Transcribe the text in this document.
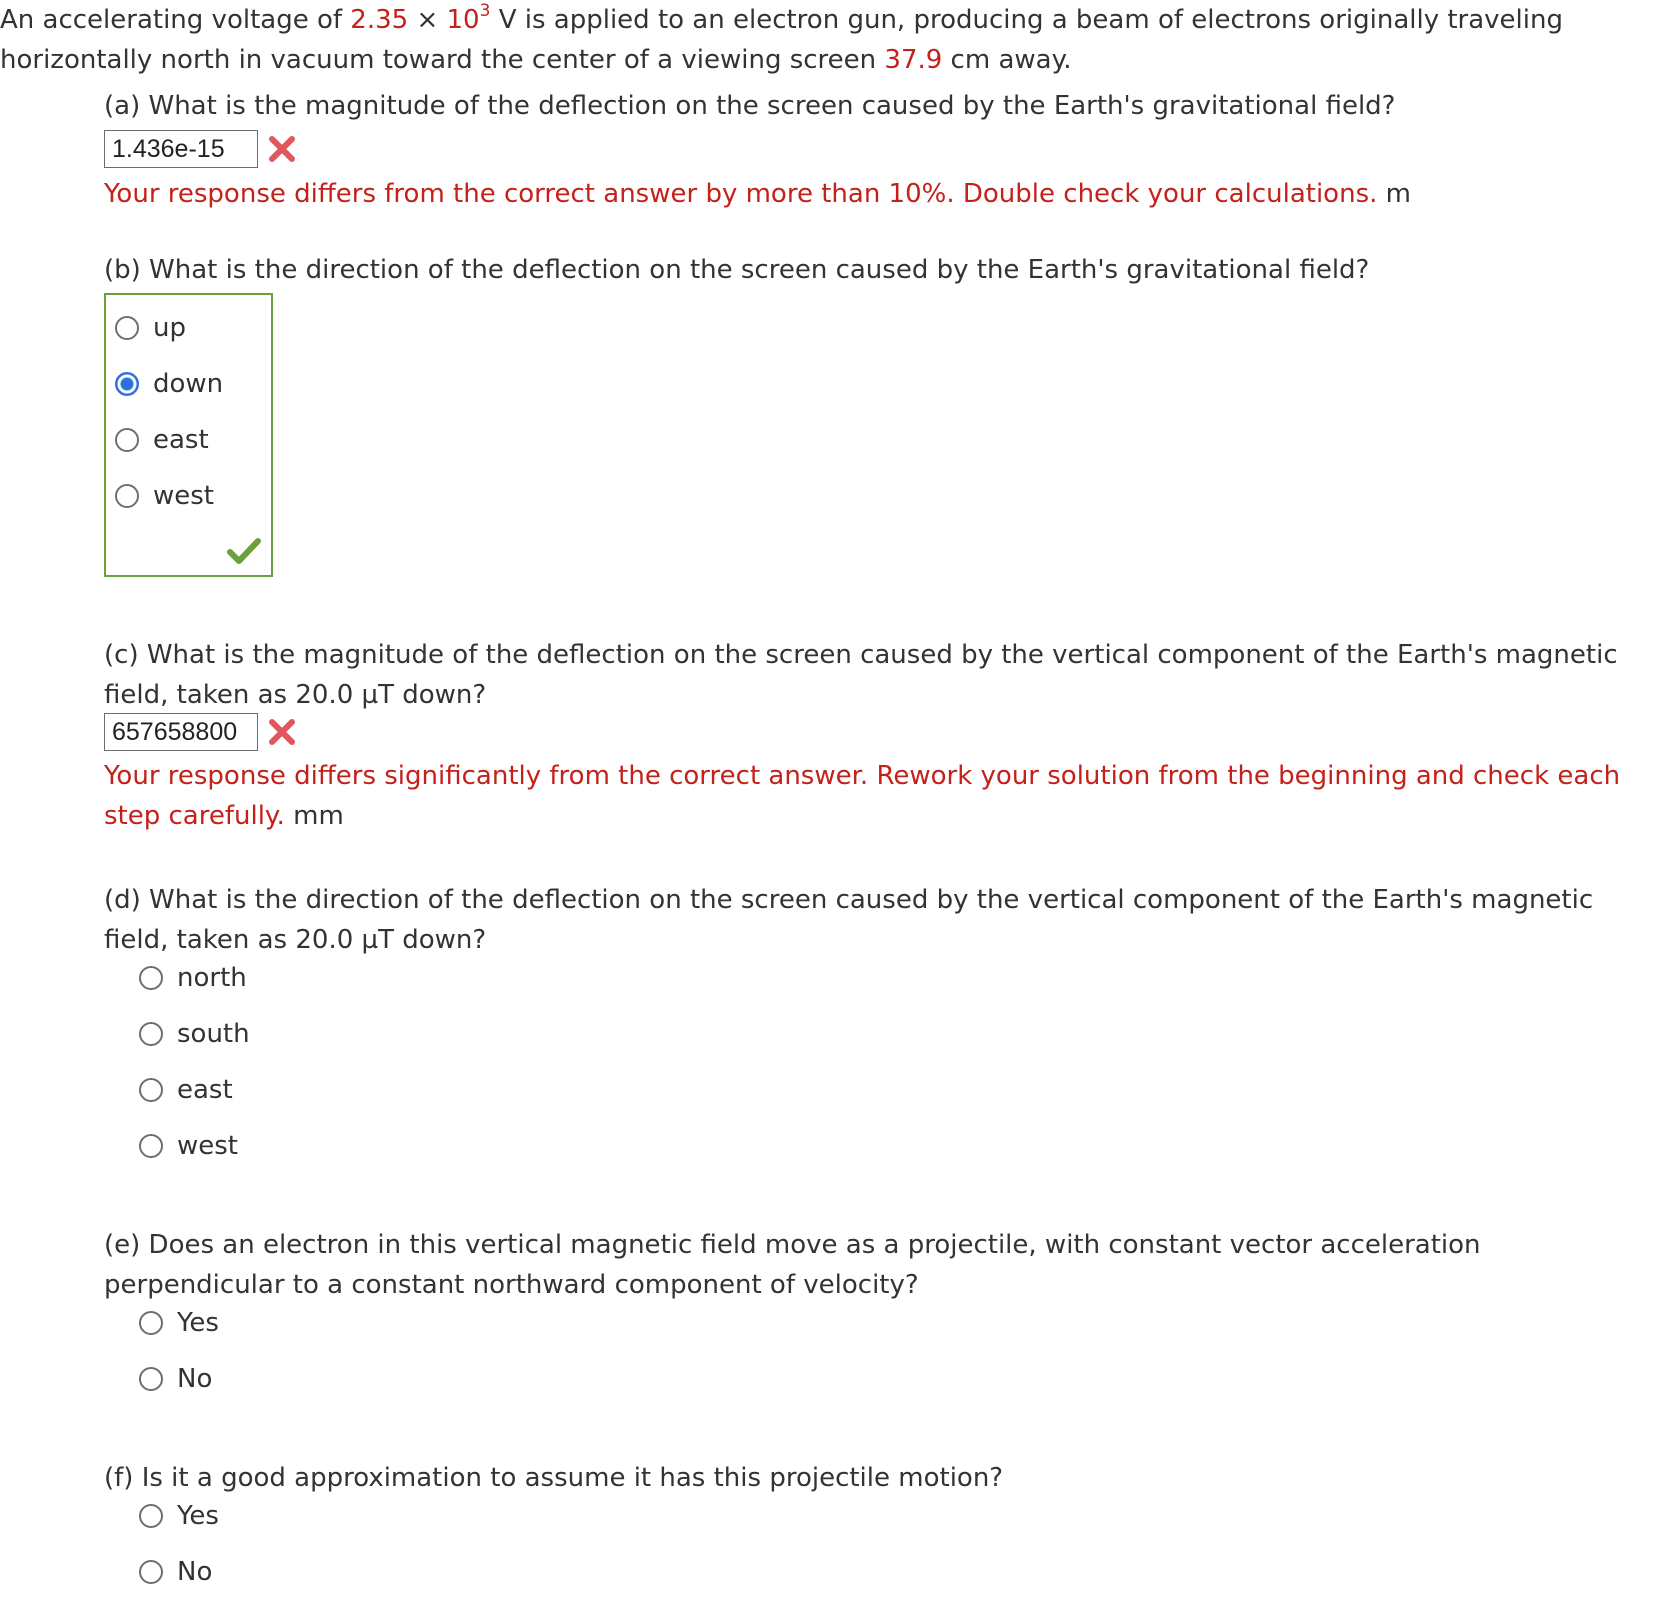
An accelerating voltage of $2.35 \times 10^3$ V is applied to an electron gun, producing a beam of electrons originally traveling horizontally north in vacuum toward the center of a viewing screen 37.9 cm away.
(a) What is the magnitude of the deflection on the screen caused by the Earth's gravitational field?
1.436e-15
Your response differs from the correct answer by more than 10%. Double check your calculations. m
(b) What is the direction of the deflection on the screen caused by the Earth's gravitational field?
up
down
east
west
(c) What is the magnitude of the deflection on the screen caused by the vertical component of the Earth's magnetic field, taken as 20.0 µT down?
657658800
Your response differs significantly from the correct answer. Rework your solution from the beginning and check each step carefully. mm
(d) What is the direction of the deflection on the screen caused by the vertical component of the Earth's magnetic field, taken as 20.0 µT down?
north
south
east
west
(e) Does an electron in this vertical magnetic field move as a projectile, with constant vector acceleration perpendicular to a constant northward component of velocity?
Yes
No
(f) Is it a good approximation to assume it has this projectile motion?
Yes
No
